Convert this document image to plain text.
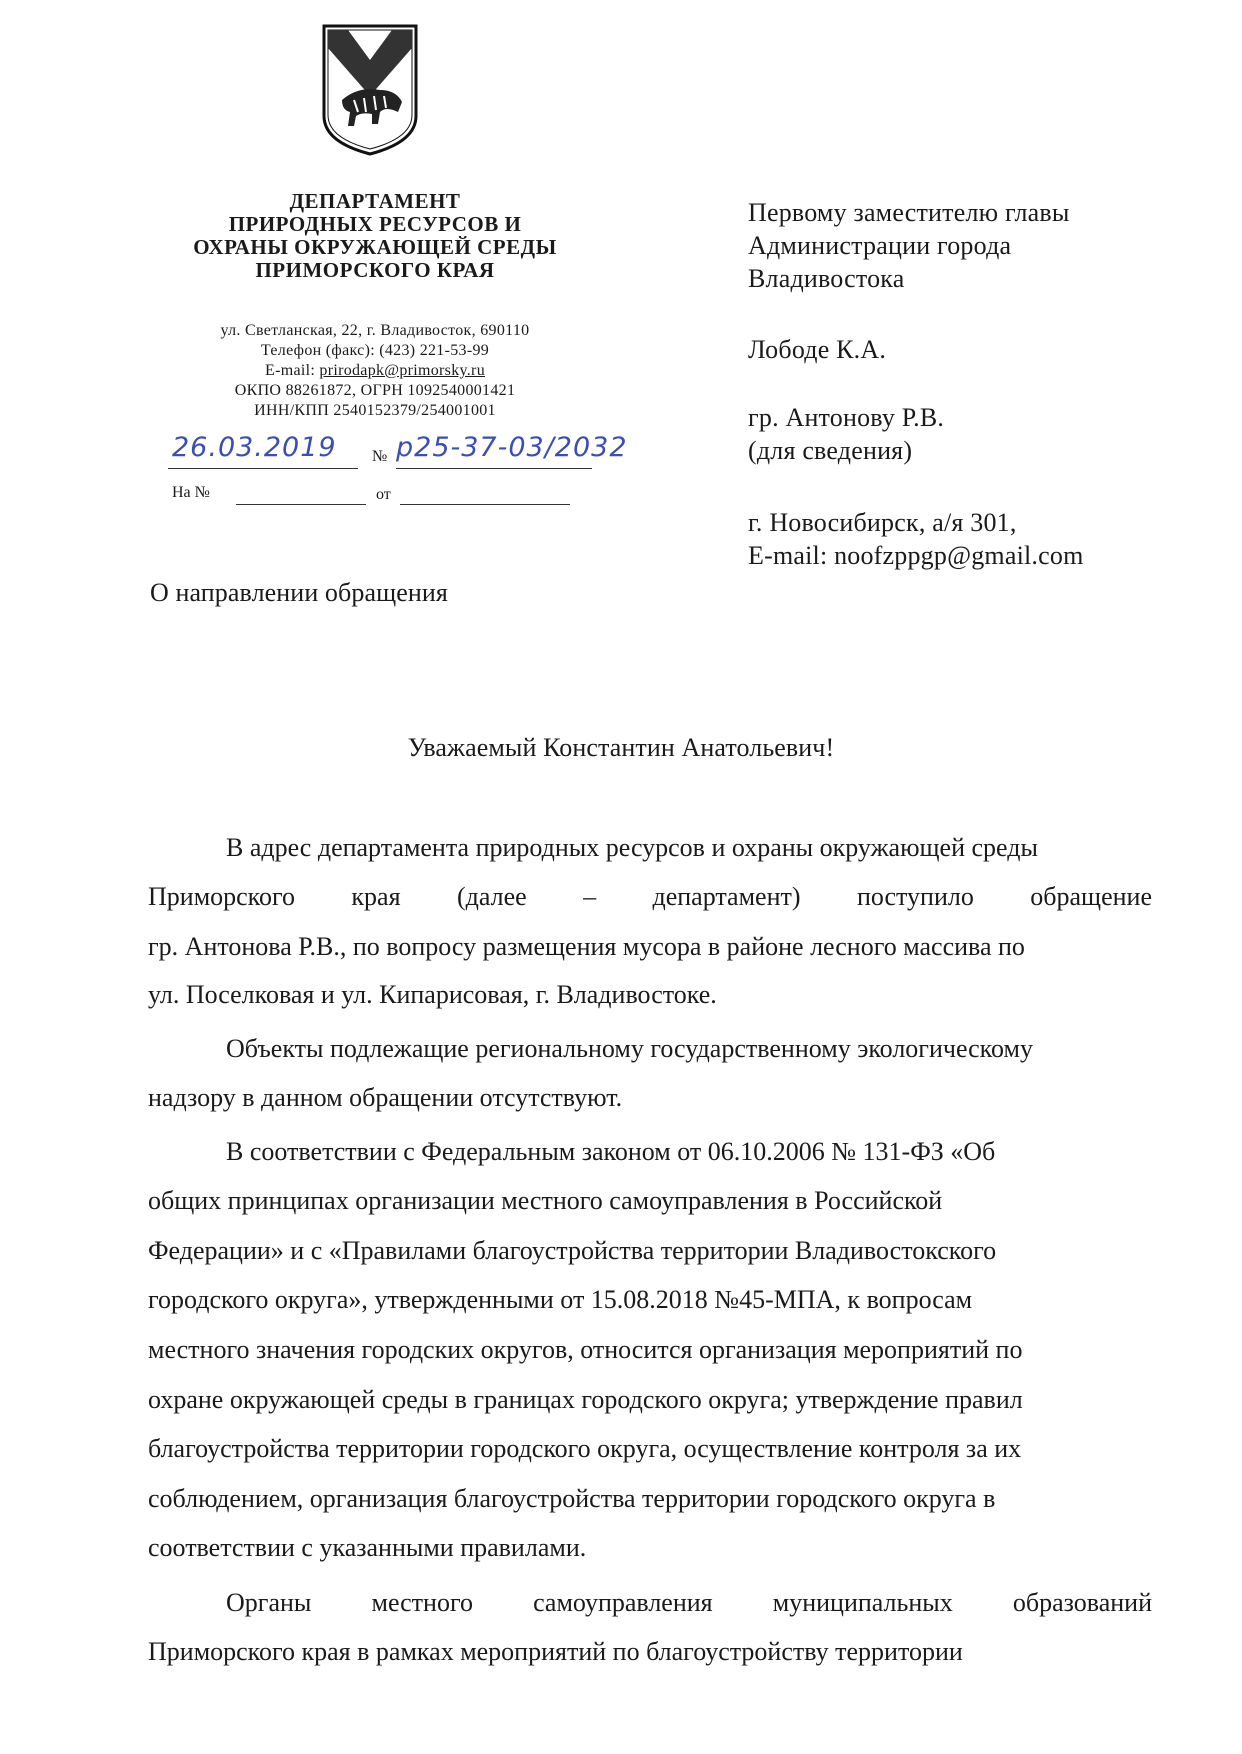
ДЕПАРТАМЕНТ
ПРИРОДНЫХ РЕСУРСОВ И
ОХРАНЫ ОКРУЖАЮЩЕЙ СРЕДЫ
ПРИМОРСКОГО КРАЯ
ул. Светланская, 22, г. Владивосток, 690110
Телефон (факс): (423) 221-53-99
E-mail: prirodapk@primorsky.ru
ОКПО 88261872, ОГРН 1092540001421
ИНН/КПП 2540152379/254001001
26.03.2019 № р25-37-03/2032
На №	от
Первому заместителю главы
Администрации города
Владивостока
Лободе К.А.
гр. Антонову Р.В.
(для сведения)
г. Новосибирск, а/я 301,
E-mail: noofzppgp@gmail.com
О направлении обращения
Уважаемый Константин Анатольевич!
В адрес департамента природных ресурсов и охраны окружающей среды
Приморского края (далее – департамент) поступило обращение
гр. Антонова Р.В., по вопросу размещения мусора в районе лесного массива по
ул. Поселковая и ул. Кипарисовая, г. Владивостоке.
Объекты подлежащие региональному государственному экологическому
надзору в данном обращении отсутствуют.
В соответствии с Федеральным законом от 06.10.2006 № 131-ФЗ «Об
общих принципах организации местного самоуправления в Российской
Федерации» и с «Правилами благоустройства территории Владивостокского
городского округа», утвержденными от 15.08.2018 №45-МПА, к вопросам
местного значения городских округов, относится организация мероприятий по
охране окружающей среды в границах городского округа; утверждение правил
благоустройства территории городского округа, осуществление контроля за их
соблюдением, организация благоустройства территории городского округа в
соответствии с указанными правилами.
Органы местного самоуправления муниципальных образований
Приморского края в рамках мероприятий по благоустройству территории
